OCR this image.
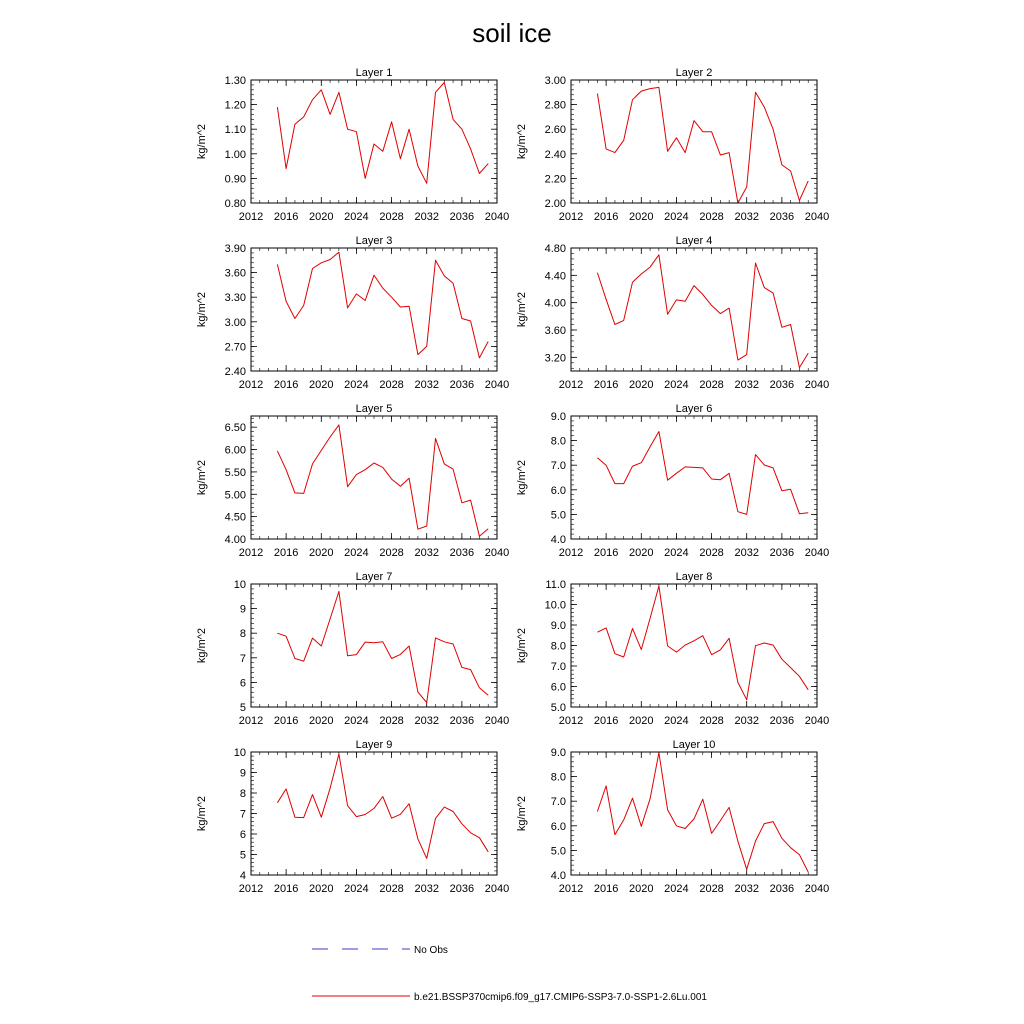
soil ice
Layer 1
kg/m^2
2012 2016 2020 2024 2028 2032 2036 2040
0.80
0.90
1.00
1.10
1.20
1.30
Layer 2
kg/m^2
2012 2016 2020 2024 2028 2032 2036 2040
2.00
2.20
2.40
2.60
2.80
3.00
Layer 3
kg/m^2
2012 2016 2020 2024 2028 2032 2036 2040
2.40
2.70
3.00
3.30
3.60
3.90
Layer 4
kg/m^2
2012 2016 2020 2024 2028 2032 2036 2040
3.20
3.60
4.00
4.40
4.80
Layer 5
kg/m^2
2012 2016 2020 2024 2028 2032 2036 2040
4.00
4.50
5.00
5.50
6.00
6.50
Layer 6
kg/m^2
2012 2016 2020 2024 2028 2032 2036 2040
4.0
5.0
6.0
7.0
8.0
9.0
Layer 7
kg/m^2
2012 2016 2020 2024 2028 2032 2036 2040
5
6
7
8
9
10
Layer 8
kg/m^2
2012 2016 2020 2024 2028 2032 2036 2040
5.0
6.0
7.0
8.0
9.0
10.0
11.0
Layer 9
kg/m^2
2012 2016 2020 2024 2028 2032 2036 2040
4
5
6
7
8
9
10
Layer 10
kg/m^2
2012 2016 2020 2024 2028 2032 2036 2040
4.0
5.0
6.0
7.0
8.0
9.0
No Obs
b.e21.BSSP370cmip6.f09_g17.CMIP6-SSP3-7.0-SSP1-2.6Lu.001
